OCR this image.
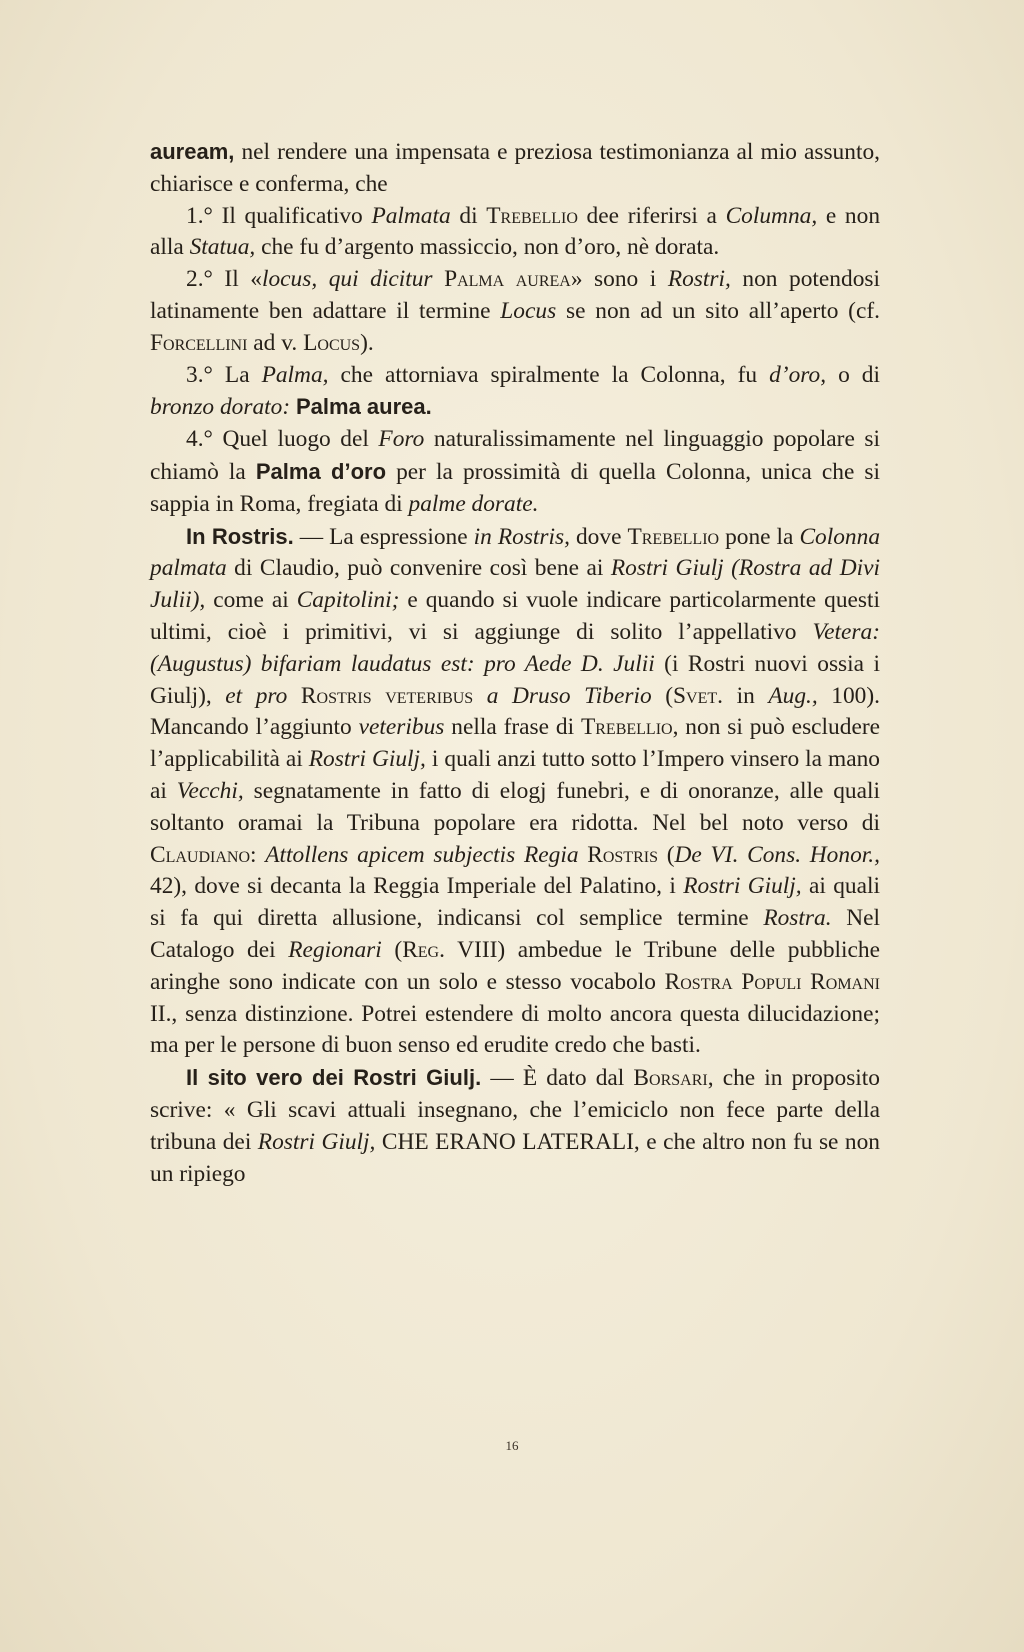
auream, nel rendere una impensata e preziosa testimonianza al mio assunto, chiarisce e conferma, che

1.° Il qualificativo Palmata di Trebellio dee riferirsi a Columna, e non alla Statua, che fu d’argento massiccio, non d’oro, nè dorata.

2.° Il «locus, qui dicitur Palma aurea» sono i Rostri, non potendosi latinamente ben adattare il termine Locus se non ad un sito all’aperto (cf. Forcellini ad v. Locus).

3.° La Palma, che attorniava spiralmente la Colonna, fu d’oro, o di bronzo dorato: Palma aurea.

4.° Quel luogo del Foro naturalissimamente nel linguaggio popolare si chiamò la Palma d’oro per la prossimità di quella Colonna, unica che si sappia in Roma, fregiata di palme dorate.

In Rostris. — La espressione in Rostris, dove Trebellio pone la Colonna palmata di Claudio, può convenire così bene ai Rostri Giulj (Rostra ad Divi Julii), come ai Capitolini; e quando si vuole indicare particolarmente questi ultimi, cioè i primitivi, vi si aggiunge di solito l’appellativo Vetera: (Augustus) bifariam laudatus est: pro Aede D. Julii (i Rostri nuovi ossia i Giulj), et pro Rostris veteribus a Druso Tiberio (Svet. in Aug., 100). Mancando l’aggiunto veteribus nella frase di Trebellio, non si può escludere l’applicabilità ai Rostri Giulj, i quali anzi tutto sotto l’Impero vinsero la mano ai Vecchi, segnatamente in fatto di elogj funebri, e di onoranze, alle quali soltanto oramai la Tribuna popolare era ridotta. Nel bel noto verso di Claudiano: Attollens apicem subjectis Regia Rostris (De VI. Cons. Honor., 42), dove si decanta la Reggia Imperiale del Palatino, i Rostri Giulj, ai quali si fa qui diretta allusione, indicansi col semplice termine Rostra. Nel Catalogo dei Regionari (Reg. VIII) ambedue le Tribune delle pubbliche aringhe sono indicate con un solo e stesso vocabolo Rostra Populi Romani II., senza distinzione. Potrei estendere di molto ancora questa dilucidazione; ma per le persone di buon senso ed erudite credo che basti.

Il sito vero dei Rostri Giulj. — È dato dal Borsari, che in proposito scrive: « Gli scavi attuali insegnano, che l’emiciclo non fece parte della tribuna dei Rostri Giulj, CHE ERANO LATERALI, e che altro non fu se non un ripiego

16
